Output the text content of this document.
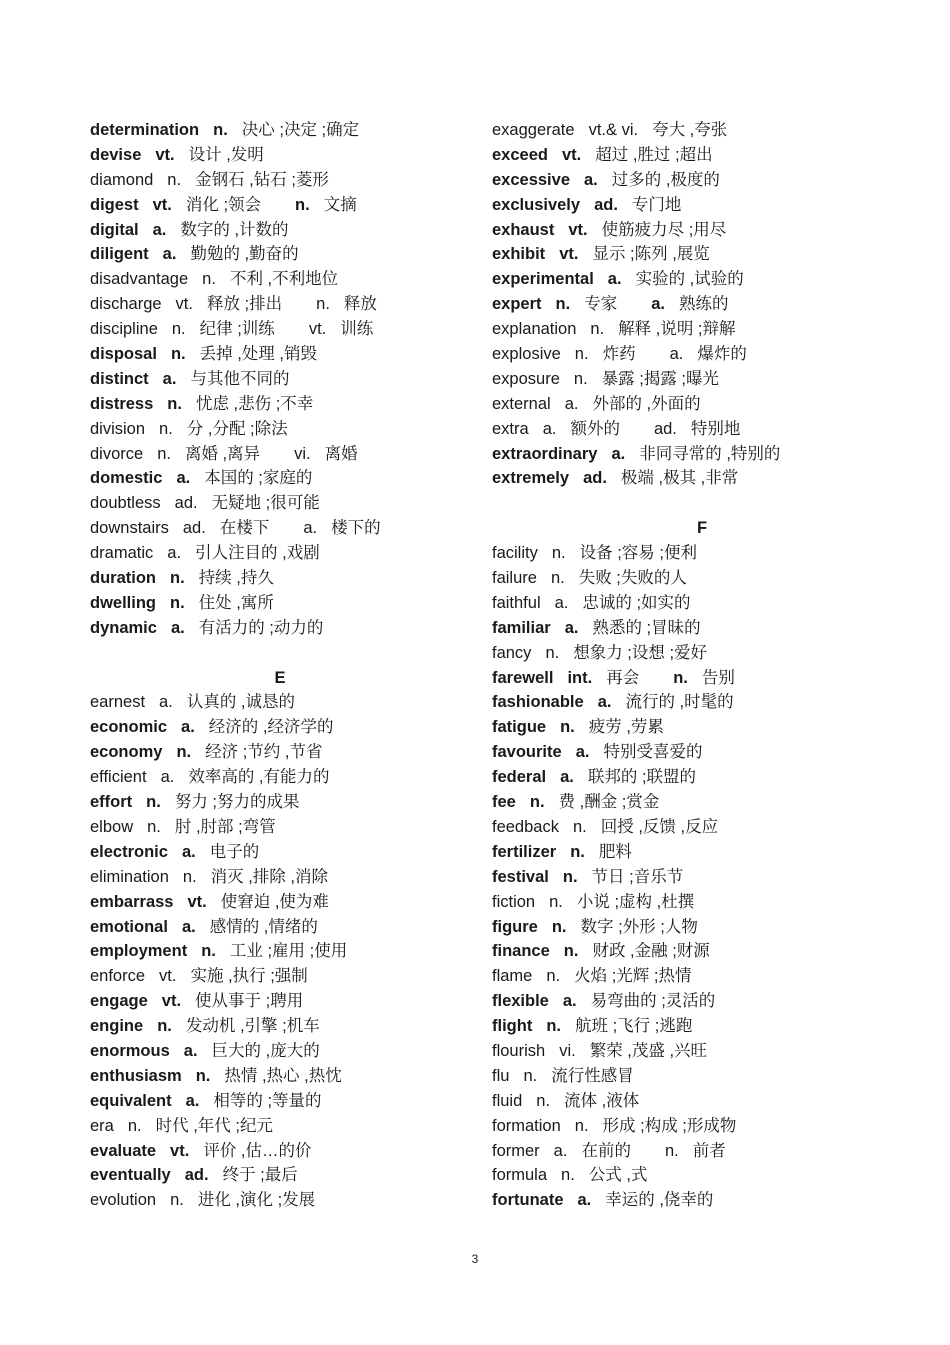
determination n. 决心 ;决定 ;确定
devise vt. 设计 ,发明
diamond n. 金钢石 ,钻石 ;菱形
digest vt. 消化 ;领会 n. 文摘
digital a. 数字的 ,计数的
diligent a. 勤勉的 ,勤奋的
disadvantage n. 不利 ,不利地位
discharge vt. 释放 ;排出 n. 释放
discipline n. 纪律 ;训练 vt. 训练
disposal n. 丢掉 ,处理 ,销毁
distinct a. 与其他不同的
distress n. 忧虑 ,悲伤 ;不幸
division n. 分 ,分配 ;除法
divorce n. 离婚 ,离异 vi. 离婚
domestic a. 本国的 ;家庭的
doubtless ad. 无疑地 ;很可能
downstairs ad. 在楼下 a. 楼下的
dramatic a. 引人注目的 ,戏剧
duration n. 持续 ,持久
dwelling n. 住处 ,寓所
dynamic a. 有活力的 ;动力的
E
earnest a. 认真的 ,诚恳的
economic a. 经济的 ,经济学的
economy n. 经济 ;节约 ,节省
efficient a. 效率高的 ,有能力的
effort n. 努力 ;努力的成果
elbow n. 肘 ,肘部 ;弯管
electronic a. 电子的
elimination n. 消灭 ,排除 ,消除
embarrass vt. 使窘迫 ,使为难
emotional a. 感情的 ,情绪的
employment n. 工业 ;雇用 ;使用
enforce vt. 实施 ,执行 ;强制
engage vt. 使从事于 ;聘用
engine n. 发动机 ,引擎 ;机车
enormous a. 巨大的 ,庞大的
enthusiasm n. 热情 ,热心 ,热忱
equivalent a. 相等的 ;等量的
era n. 时代 ,年代 ;纪元
evaluate vt. 评价 ,估…的价
eventually ad. 终于 ;最后
evolution n. 进化 ,演化 ;发展
exaggerate vt.& vi. 夸大 ,夸张
exceed vt. 超过 ,胜过 ;超出
excessive a. 过多的 ,极度的
exclusively ad. 专门地
exhaust vt. 使筋疲力尽 ;用尽
exhibit vt. 显示 ;陈列 ,展览
experimental a. 实验的 ,试验的
expert n. 专家 a. 熟练的
explanation n. 解释 ,说明 ;辩解
explosive n. 炸药 a. 爆炸的
exposure n. 暴露 ;揭露 ;曝光
external a. 外部的 ,外面的
extra a. 额外的 ad. 特别地
extraordinary a. 非同寻常的 ,特别的
extremely ad. 极端 ,极其 ,非常
F
facility n. 设备 ;容易 ;便利
failure n. 失败 ;失败的人
faithful a. 忠诚的 ;如实的
familiar a. 熟悉的 ;冒昧的
fancy n. 想象力 ;设想 ;爱好
farewell int. 再会 n. 告别
fashionable a. 流行的 ,时髦的
fatigue n. 疲劳 ,劳累
favourite a. 特别受喜爱的
federal a. 联邦的 ;联盟的
fee n. 费 ,酬金 ;赏金
feedback n. 回授 ,反馈 ,反应
fertilizer n. 肥料
festival n. 节日 ;音乐节
fiction n. 小说 ;虚构 ,杜撰
figure n. 数字 ;外形 ;人物
finance n. 财政 ,金融 ;财源
flame n. 火焰 ;光辉 ;热情
flexible a. 易弯曲的 ;灵活的
flight n. 航班 ;飞行 ;逃跑
flourish vi. 繁荣 ,茂盛 ,兴旺
flu n. 流行性感冒
fluid n. 流体 ,液体
formation n. 形成 ;构成 ;形成物
former a. 在前的 n. 前者
formula n. 公式 ,式
fortunate a. 幸运的 ,侥幸的
3
